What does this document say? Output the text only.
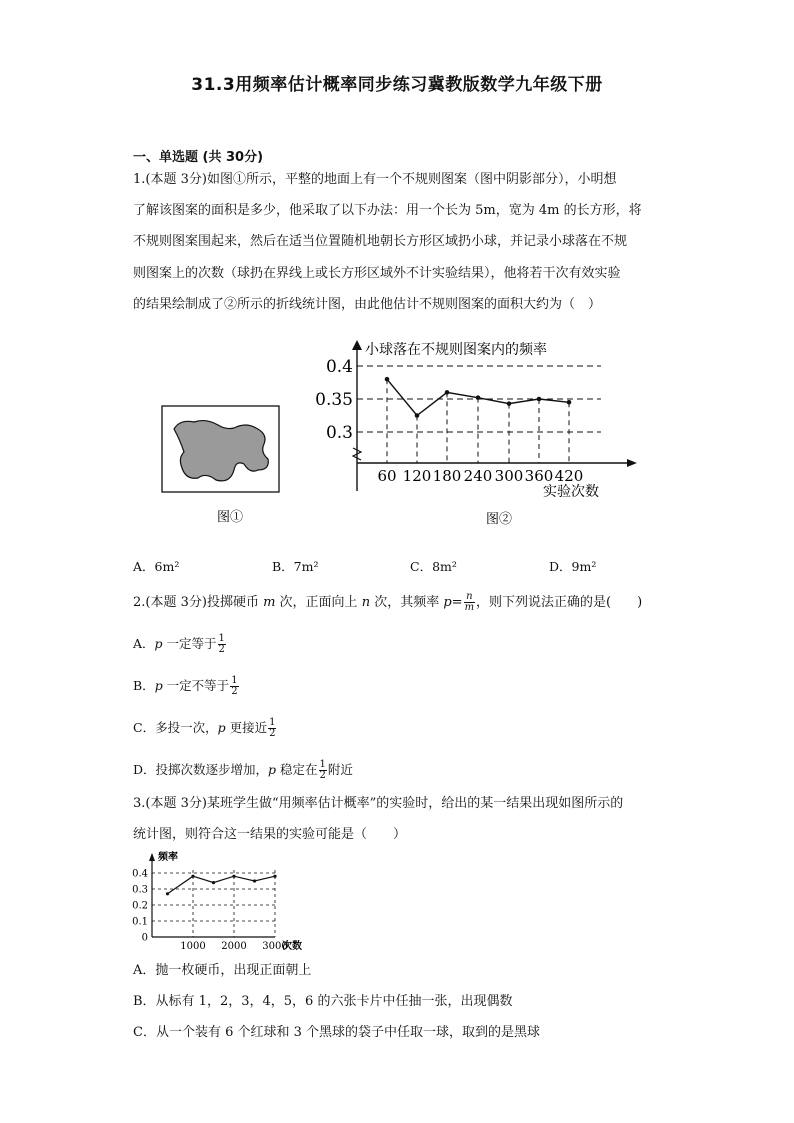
31.3用频率估计概率同步练习冀教版数学九年级下册
一、单选题 (共 30分)
1.(本题 3分)如图①所示，平整的地面上有一个不规则图案（图中阴影部分），小明想
了解该图案的面积是多少，他采取了以下办法：用一个长为 5m，宽为 4m 的长方形，将
不规则图案围起来，然后在适当位置随机地朝长方形区域扔小球，并记录小球落在不规
则图案上的次数（球扔在界线上或长方形区域外不计实验结果），他将若干次有效实验
的结果绘制成了②所示的折线统计图，由此他估计不规则图案的面积大约为（　）
图①
小球落在不规则图案内的频率
实验次数
图②
0.3
0.35
0.4
60 120 180 240 300 360 420
A．6m²	B．7m²	C．8m²	D．9m²
2.(本题 3分)投掷硬币 m 次，正面向上 n 次，其频率 $p= \frac{n}{m}$ ，则下列说法正确的是(　　)
A．p 一定等于 $\frac{1}{2}$
B．p 一定不等于 $\frac{1}{2}$
C．多投一次，p 更接近 $\frac{1}{2}$
D．投掷次数逐步增加，p 稳定在 $\frac{1}{2}$ 附近
3.(本题 3分)某班学生做“用频率估计概率”的实验时，给出的某一结果出现如图所示的
统计图，则符合这一结果的实验可能是（　　）
频率
次数
0
0.1
0.2
0.3
0.4
1000 2000 3000
A．抛一枚硬币，出现正面朝上
B．从标有 1，2，3，4，5，6 的六张卡片中任抽一张，出现偶数
C．从一个装有 6 个红球和 3 个黑球的袋子中任取一球，取到的是黑球
